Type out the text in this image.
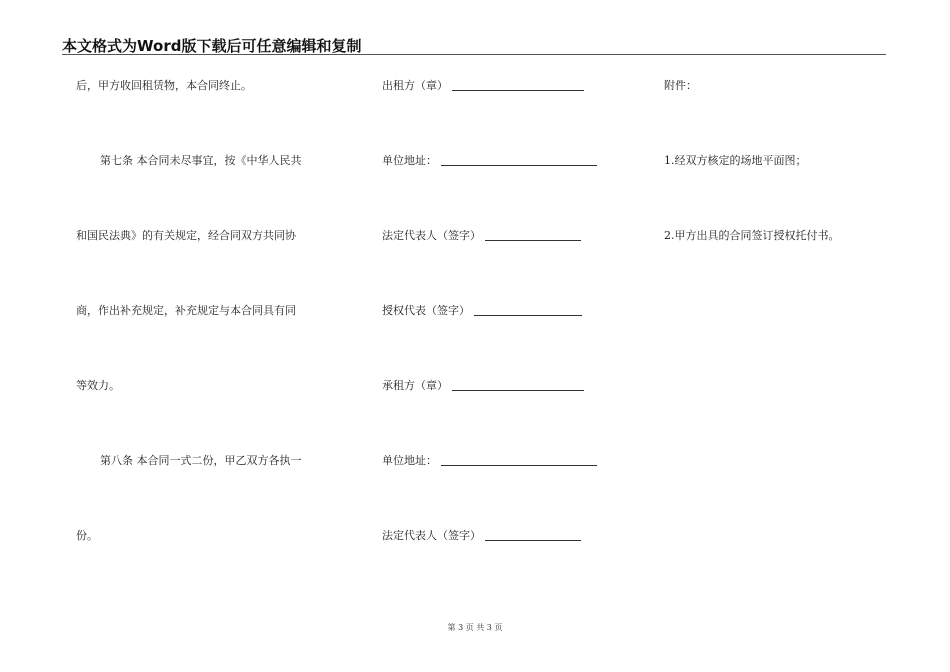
本文格式为Word版下载后可任意编辑和复制
后，甲方收回租赁物，本合同终止。
第七条 本合同未尽事宜，按《中华人民共
和国民法典》的有关规定，经合同双方共同协
商，作出补充规定，补充规定与本合同具有同
等效力。
第八条 本合同一式二份，甲乙双方各执一
份。
出租方（章）
单位地址：
法定代表人（签字）
授权代表（签字）
承租方（章）
单位地址：
法定代表人（签字）
附件：
1.经双方核定的场地平面图；
2.甲方出具的合同签订授权托付书。
第 3 页 共 3 页
